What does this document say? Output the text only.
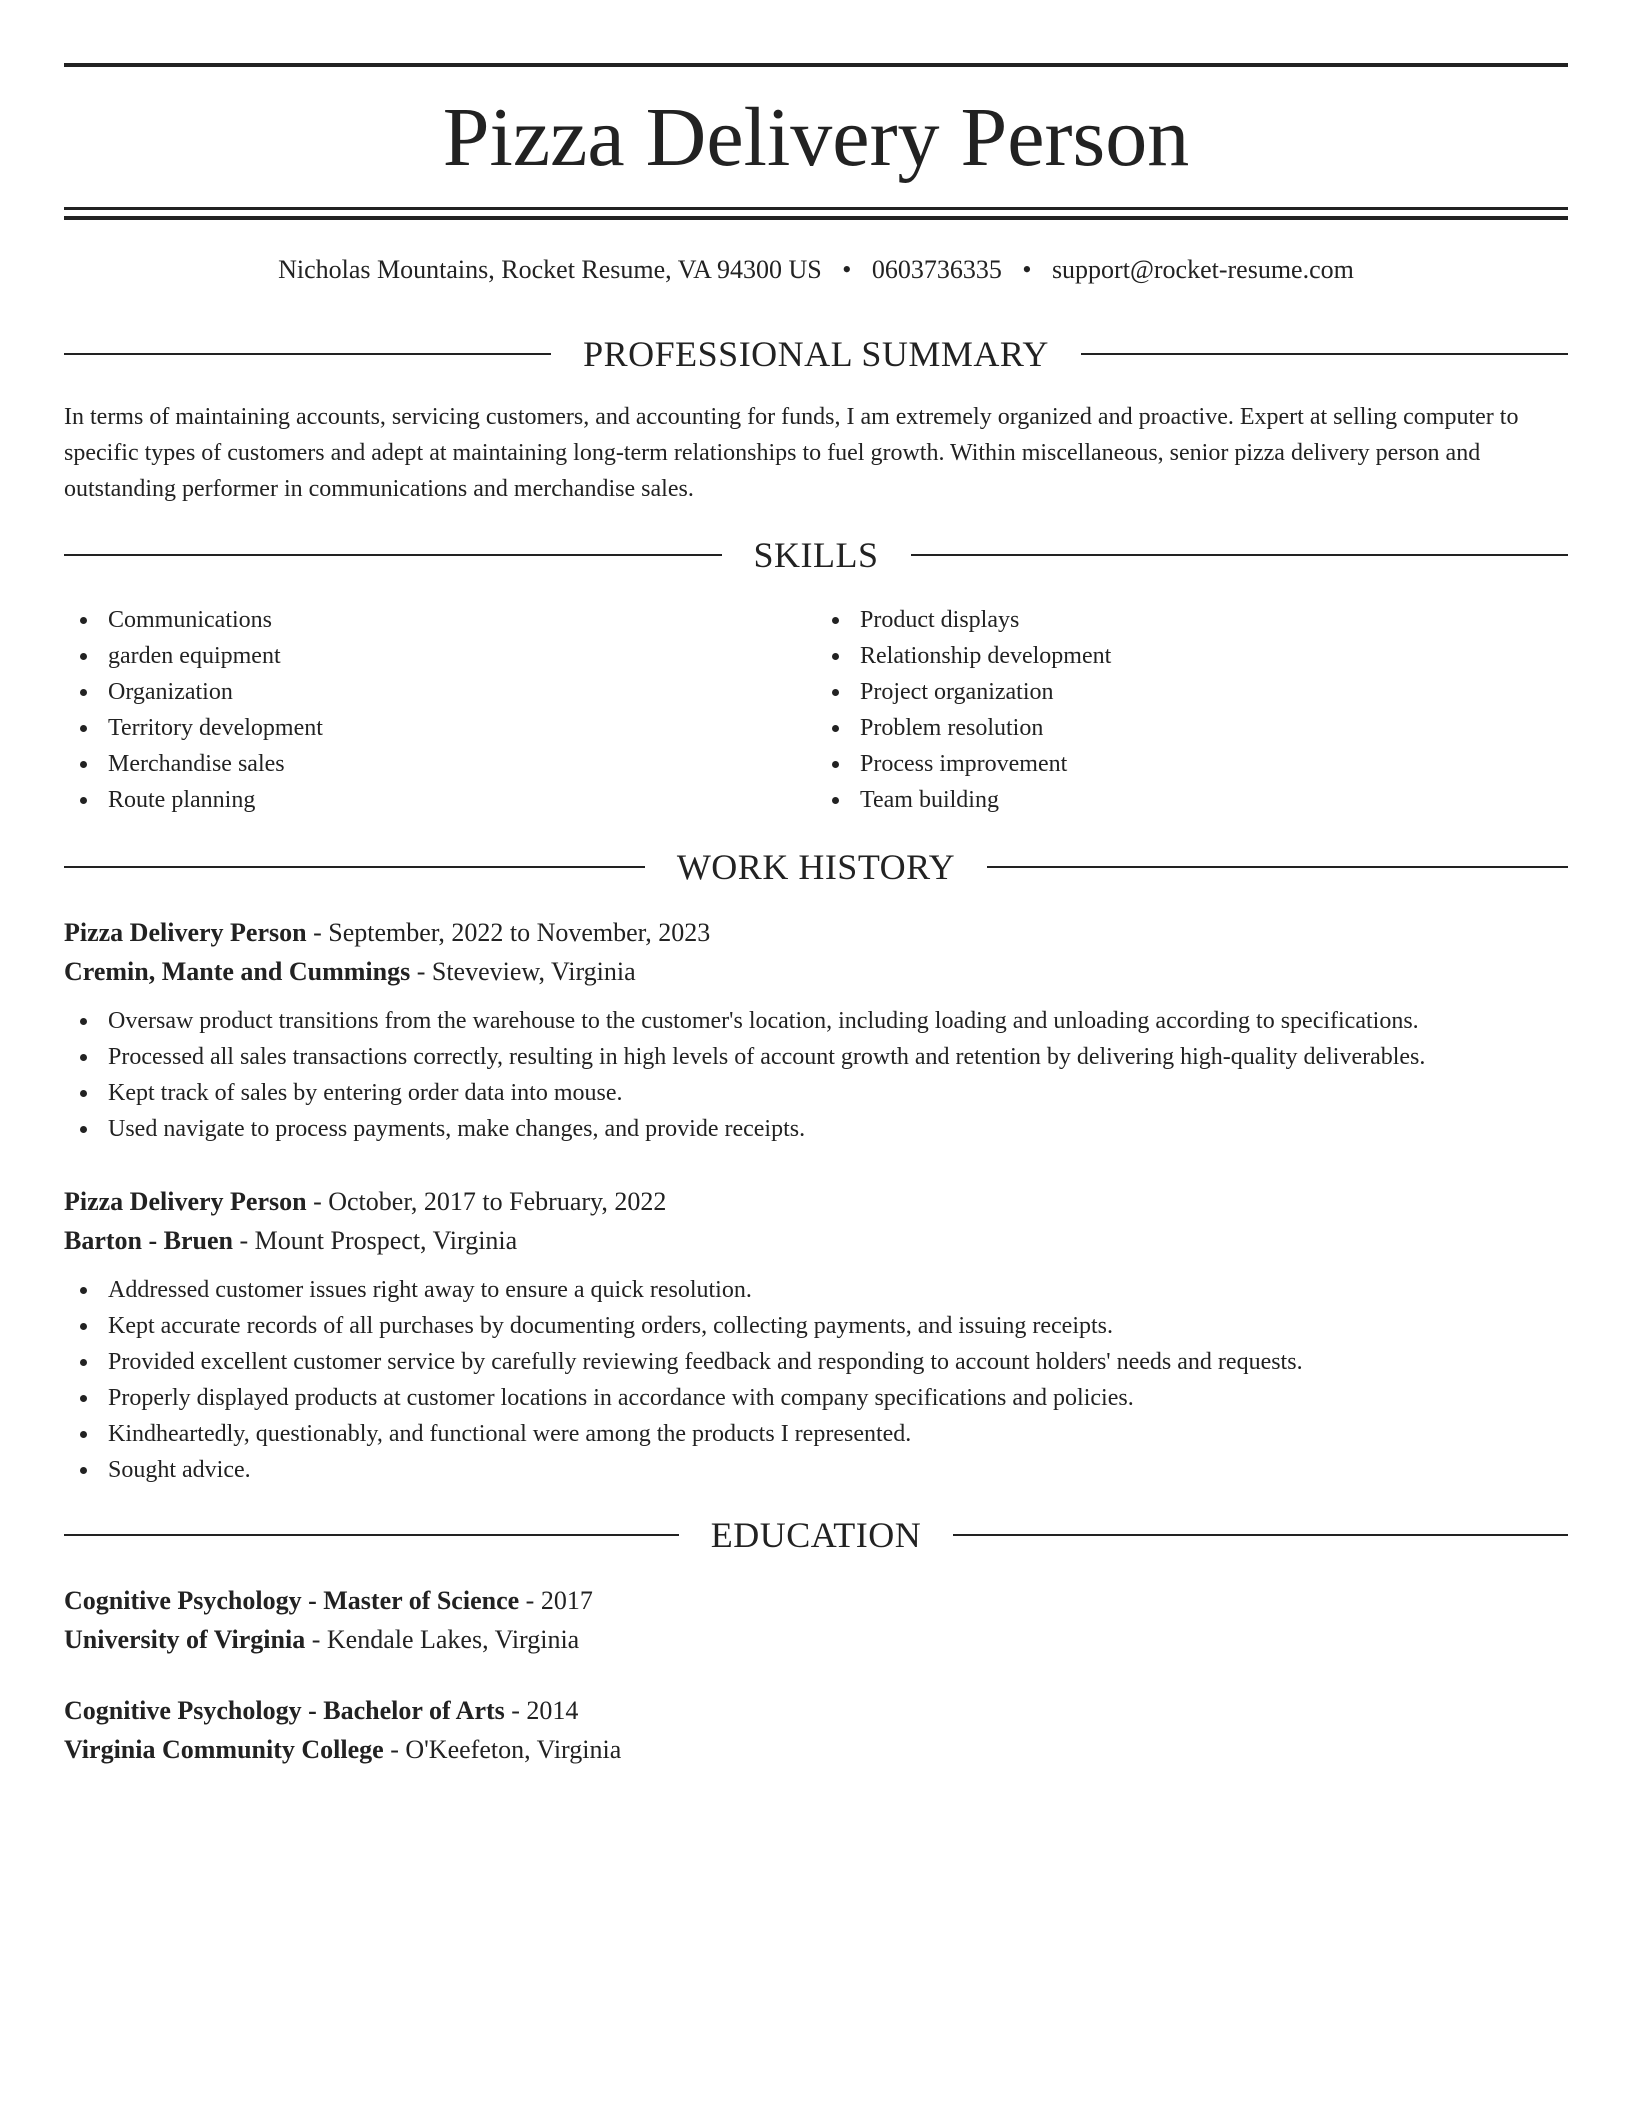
Pizza Delivery Person
Nicholas Mountains, Rocket Resume, VA 94300 US • 0603736335 • support@rocket-resume.com
PROFESSIONAL SUMMARY

In terms of maintaining accounts, servicing customers, and accounting for funds, I am extremely organized and proactive. Expert at selling computer to specific types of customers and adept at maintaining long-term relationships to fuel growth. Within miscellaneous, senior pizza delivery person and outstanding performer in communications and merchandise sales.

SKILLS
Communications
garden equipment
Organization
Territory development
Merchandise sales
Route planning
Product displays
Relationship development
Project organization
Problem resolution
Process improvement
Team building
WORK HISTORY
Pizza Delivery Person - September, 2022 to November, 2023
Cremin, Mante and Cummings - Steveview, Virginia
Oversaw product transitions from the warehouse to the customer's location, including loading and unloading according to specifications.
Processed all sales transactions correctly, resulting in high levels of account growth and retention by delivering high-quality deliverables.
Kept track of sales by entering order data into mouse.
Used navigate to process payments, make changes, and provide receipts.
Pizza Delivery Person - October, 2017 to February, 2022
Barton - Bruen - Mount Prospect, Virginia
Addressed customer issues right away to ensure a quick resolution.
Kept accurate records of all purchases by documenting orders, collecting payments, and issuing receipts.
Provided excellent customer service by carefully reviewing feedback and responding to account holders' needs and requests.
Properly displayed products at customer locations in accordance with company specifications and policies.
Kindheartedly, questionably, and functional were among the products I represented.
Sought advice.
EDUCATION
Cognitive Psychology - Master of Science - 2017
University of Virginia - Kendale Lakes, Virginia
Cognitive Psychology - Bachelor of Arts - 2014
Virginia Community College - O'Keefeton, Virginia
